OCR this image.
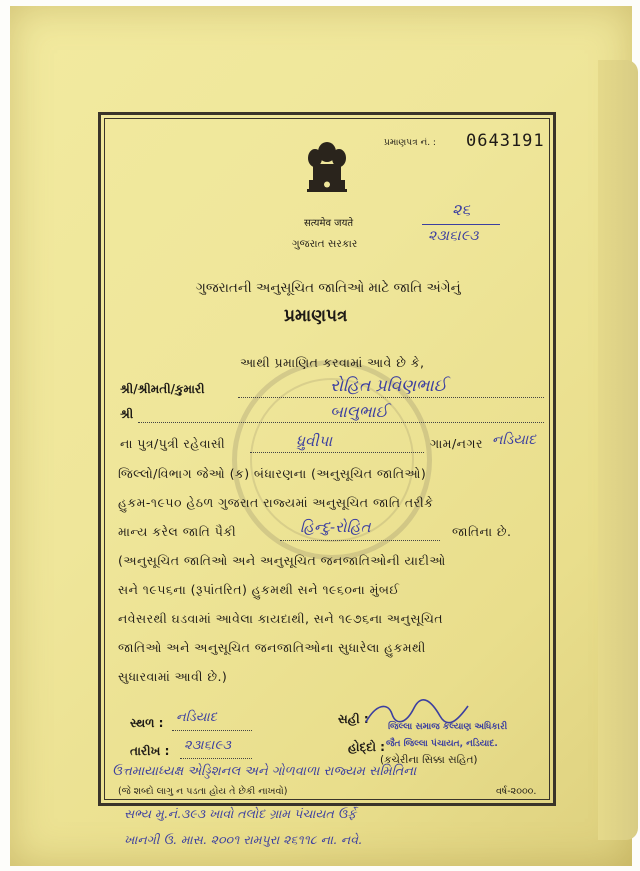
सत्यमेव जयते
ગુજરાત સરકાર
પ્રમાણપત્ર નં. : 0643191
૨૬
૨૩।૬।૯૩
ગુજરાતની અનુસૂચિત જાતિઓ માટે જાતિ અંગેનું
પ્રમાણપત્ર
આથી પ્રમાણિત કરવામાં આવે છે કે,
શ્રી/શ્રીમતી/કુમારી	રોહિત પ્રવિણભાઈ
શ્રી	બાલુભાઈ
ના પુત્ર/પુત્રી રહેવાસી	ધ્રુવીપા	ગામ/નગર નડિયાદ
જિલ્લો/વિભાગ જેઓ (ક) બંધારણના (અનુસૂચિત જાતિઓ)
હુકમ-૧૯૫૦ હેઠળ ગુજરાત રાજ્યમાં અનુસૂચિત જાતિ તરીકે
માન્ય કરેલ જાતિ પૈકી	હિન્દુ-રોહિત	જાતિના છે.
(અનુસૂચિત જાતિઓ અને અનુસૂચિત જનજાતિઓની યાદીઓ
સને ૧૯૫૬ના (રૂપાંતરિત) હુકમથી સને ૧૯૬૦ના મુંબઈ
નવેસરથી ઘડવામાં આવેલા કાયદાથી, સને ૧૯૭૬ના અનુસૂચિત
જાતિઓ અને અનુસૂચિત જનજાતિઓના સુધારેલા હુકમથી
સુધારવામાં આવી છે.)
સ્થળ : નડિયાદ
તારીખ : ૨૩।૬।૯૩
સહી :
હોદ્દો :
જિલ્લા સમાજ કલ્યાણ અધિકારી
જૈત જિલ્લા પંચાયત, નડિયાદ.
(કચેરીના સિક્કા સહિત)
(જે શબ્દો લાગુ ન પડતા હોય તે છેકી નાખવો)	વર્ષ-૨૦૦૦.
ઉત્તમાયાધ્યક્ષ એડ્ડિશનલ અને ગોળવાળા રાજ્યમ સમિતિના
સભ્ય મુ.નં.૩૯૩ ખાવો તલોદ ગ્રામ પંચાયત ઉર્ફે
ખાનગી ઉ. માસ. ૨૦૦૧ રામપુરા ૨૬૧૧૮ ના. નવે.
